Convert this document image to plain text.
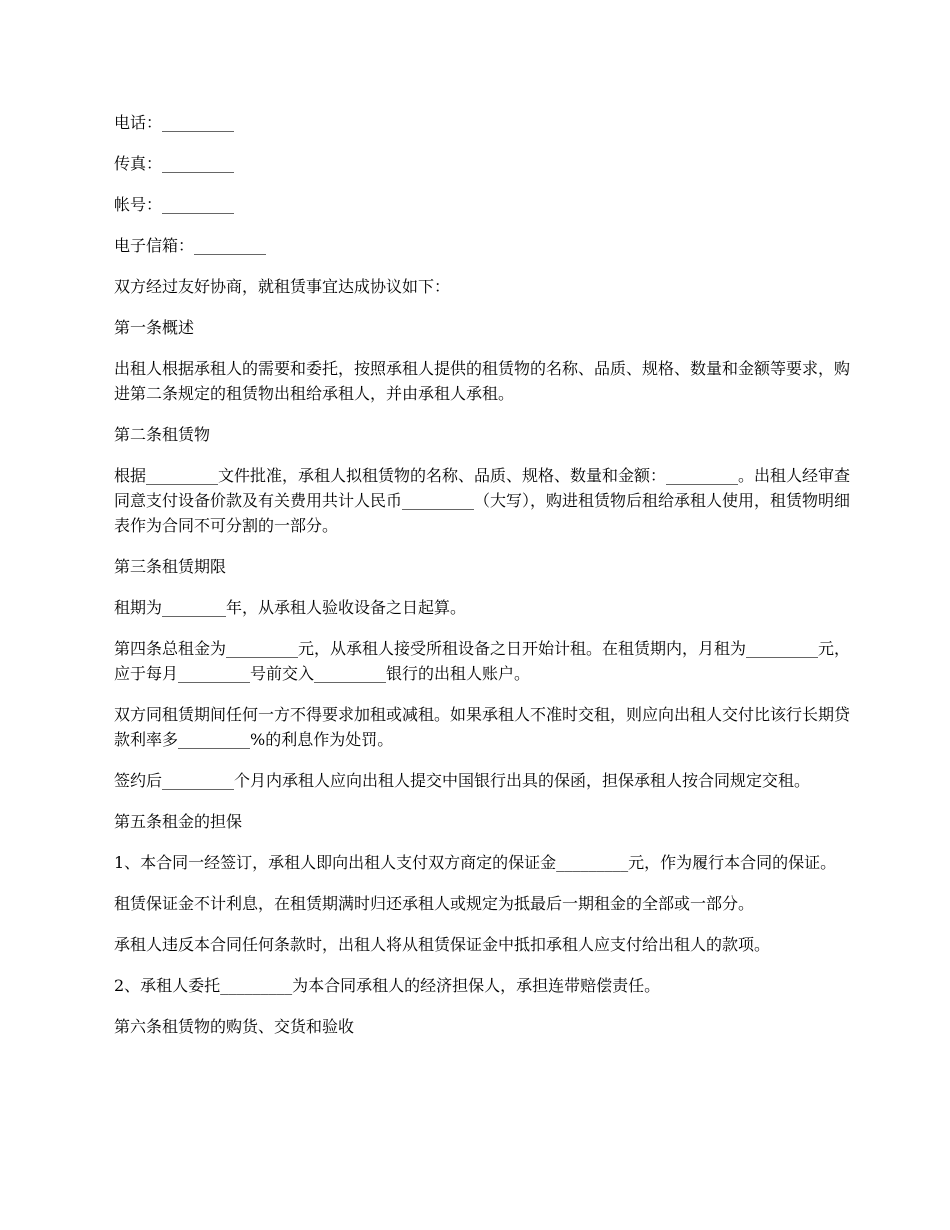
电话：_________

传真：_________

帐号：_________

电子信箱：_________

双方经过友好协商，就租赁事宜达成协议如下：

第一条概述

出租人根据承租人的需要和委托，按照承租人提供的租赁物的名称、品质、规格、数量和金额等要求，购进第二条规定的租赁物出租给承租人，并由承租人承租。

第二条租赁物

根据_________文件批准，承租人拟租赁物的名称、品质、规格、数量和金额：_________。出租人经审查同意支付设备价款及有关费用共计人民币_________（大写），购进租赁物后租给承租人使用，租赁物明细表作为合同不可分割的一部分。

第三条租赁期限

租期为________年，从承租人验收设备之日起算。

第四条总租金为_________元，从承租人接受所租设备之日开始计租。在租赁期内，月租为_________元，应于每月_________号前交入_________银行的出租人账户。

双方同租赁期间任何一方不得要求加租或减租。如果承租人不准时交租，则应向出租人交付比该行长期贷款利率多_________%的利息作为处罚。

签约后_________个月内承租人应向出租人提交中国银行出具的保函，担保承租人按合同规定交租。

第五条租金的担保

1、本合同一经签订，承租人即向出租人支付双方商定的保证金_________元，作为履行本合同的保证。

租赁保证金不计利息，在租赁期满时归还承租人或规定为抵最后一期租金的全部或一部分。

承租人违反本合同任何条款时，出租人将从租赁保证金中抵扣承租人应支付给出租人的款项。

2、承租人委托_________为本合同承租人的经济担保人，承担连带赔偿责任。

第六条租赁物的购货、交货和验收
